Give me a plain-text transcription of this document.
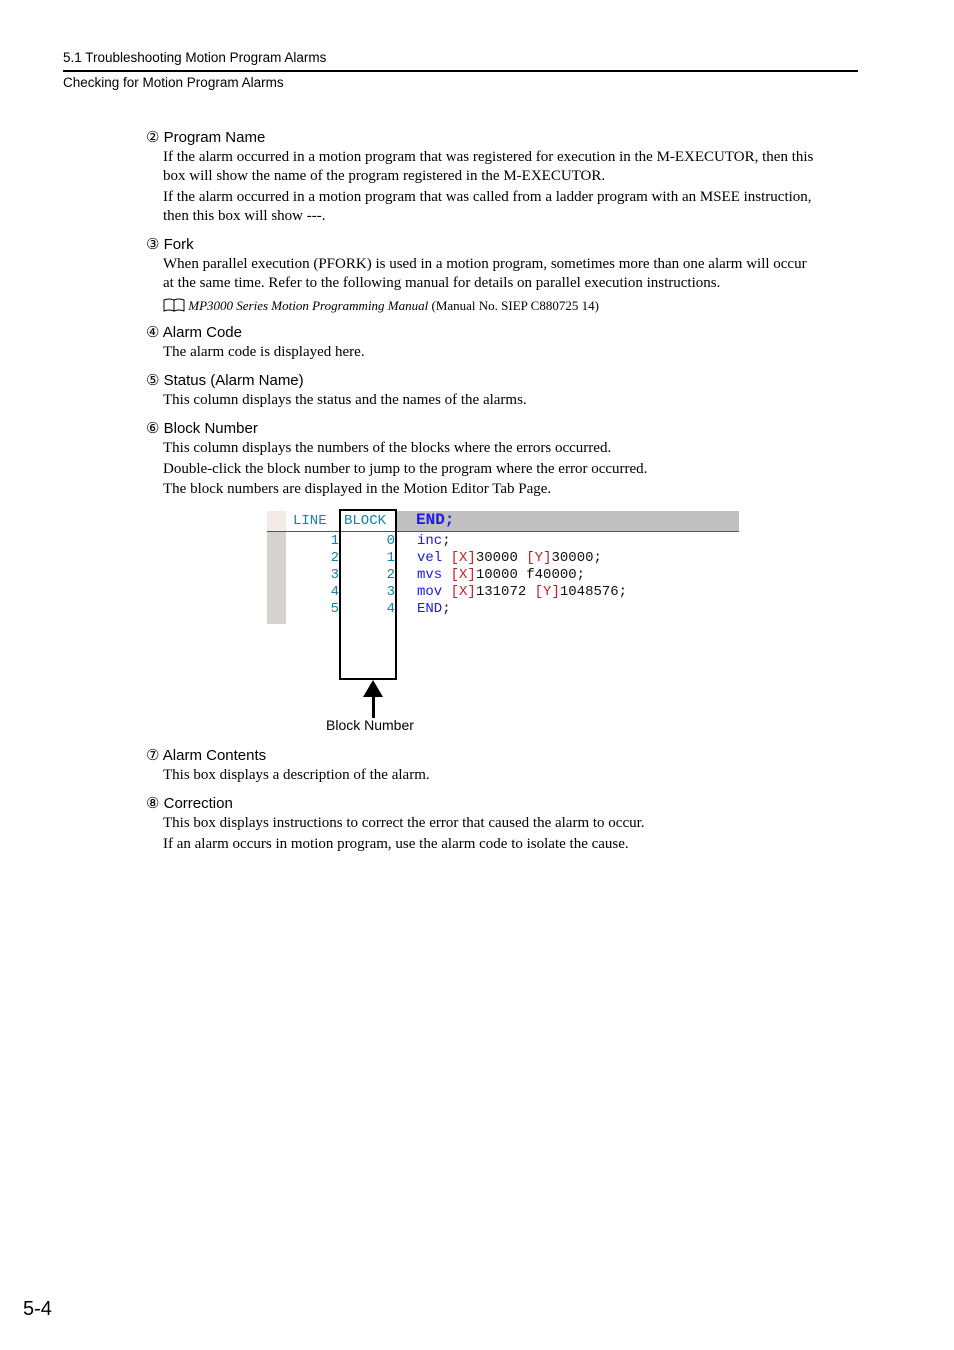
5.1 Troubleshooting Motion Program Alarms
Checking for Motion Program Alarms
② Program Name
If the alarm occurred in a motion program that was registered for execution in the M-EXECUTOR, then this
box will show the name of the program registered in the M-EXECUTOR.
If the alarm occurred in a motion program that was called from a ladder program with an MSEE instruction,
then this box will show ---.
③ Fork
When parallel execution (PFORK) is used in a motion program, sometimes more than one alarm will occur
at the same time. Refer to the following manual for details on parallel execution instructions.
MP3000 Series Motion Programming Manual (Manual No. SIEP C880725 14)
④ Alarm Code
The alarm code is displayed here.
⑤ Status (Alarm Name)
This column displays the status and the names of the alarms.
⑥ Block Number
This column displays the numbers of the blocks where the errors occurred.
Double-click the block number to jump to the program where the error occurred.
The block numbers are displayed in the Motion Editor Tab Page.
LINE BLOCK END;
1	0 inc;
2	1 vel [X]30000 [Y]30000;
3	2 mvs [X]10000 f40000;
4	3 mov [X]131072 [Y]1048576;
5	4 END;
Block Number
⑦ Alarm Contents
This box displays a description of the alarm.
⑧ Correction
This box displays instructions to correct the error that caused the alarm to occur.
If an alarm occurs in motion program, use the alarm code to isolate the cause.
5-4
